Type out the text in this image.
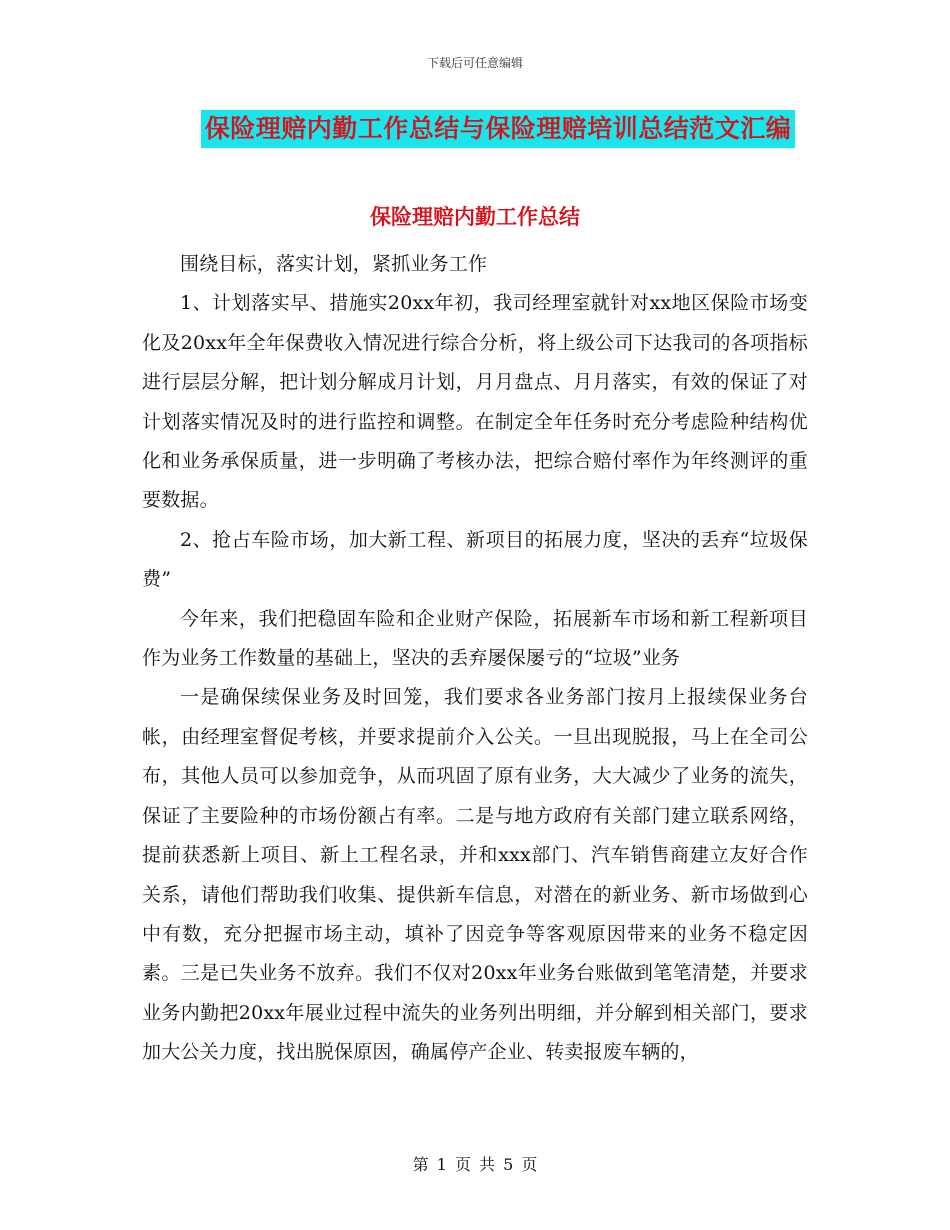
下载后可任意编辑
保险理赔内勤工作总结与保险理赔培训总结范文汇编
保险理赔内勤工作总结

围绕目标，落实计划，紧抓业务工作

1、计划落实早、措施实20xx年初，我司经理室就针对xx地区保险市场变化及20xx年全年保费收入情况进行综合分析，将上级公司下达我司的各项指标进行层层分解，把计划分解成月计划，月月盘点、月月落实，有效的保证了对计划落实情况及时的进行监控和调整。在制定全年任务时充分考虑险种结构优化和业务承保质量，进一步明确了考核办法，把综合赔付率作为年终测评的重要数据。

2、抢占车险市场，加大新工程、新项目的拓展力度，坚决的丢弃“垃圾保费”

今年来，我们把稳固车险和企业财产保险，拓展新车市场和新工程新项目作为业务工作数量的基础上，坚决的丢弃屡保屡亏的“垃圾”业务

一是确保续保业务及时回笼，我们要求各业务部门按月上报续保业务台帐，由经理室督促考核，并要求提前介入公关。一旦出现脱报，马上在全司公布，其他人员可以参加竞争，从而巩固了原有业务，大大减少了业务的流失，保证了主要险种的市场份额占有率。二是与地方政府有关部门建立联系网络，提前获悉新上项目、新上工程名录，并和xxx部门、汽车销售商建立友好合作关系，请他们帮助我们收集、提供新车信息，对潜在的新业务、新市场做到心中有数，充分把握市场主动，填补了因竞争等客观原因带来的业务不稳定因素。三是已失业务不放弃。我们不仅对20xx年业务台账做到笔笔清楚，并要求业务内勤把20xx年展业过程中流失的业务列出明细，并分解到相关部门，要求加大公关力度，找出脱保原因，确属停产企业、转卖报废车辆的，

第 1 页 共 5 页
